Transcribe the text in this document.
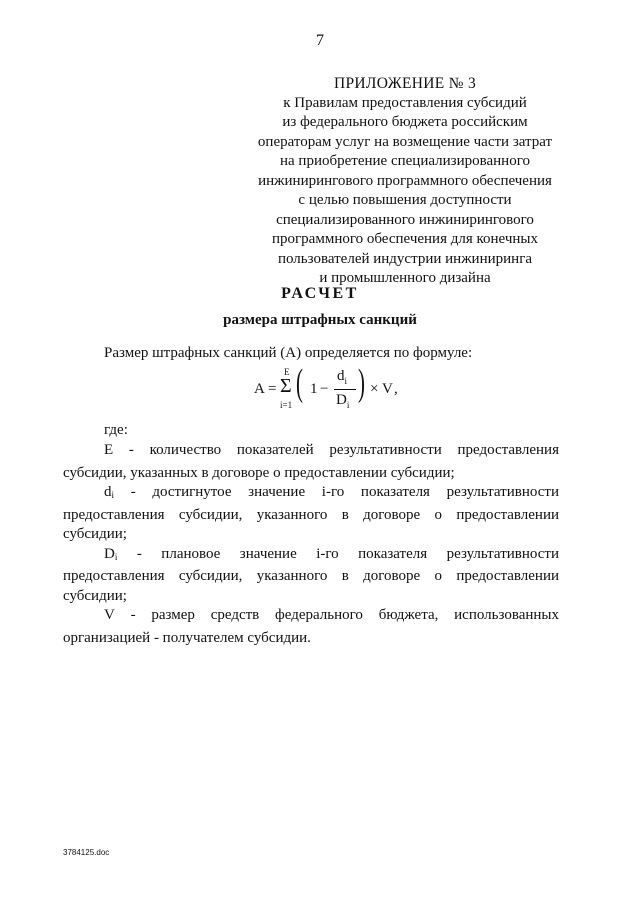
7
ПРИЛОЖЕНИЕ № 3
к Правилам предоставления субсидий
из федерального бюджета российским
операторам услуг на возмещение части затрат
на приобретение специализированного
инжинирингового программного обеспечения
с целью повышения доступности
специализированного инжинирингового
программного обеспечения для конечных
пользователей индустрии инжиниринга
и промышленного дизайна
РАСЧЕТ
размера штрафных санкций
Размер штрафных санкций (А) определяется по формуле:
А =
E
Σ
i=1
( 1 −
$d_i$
$D_i$
) × V ,
где:

E - количество показателей результативности предоставления субсидии, указанных в договоре о предоставлении субсидии;

$d_i$ - достигнутое значение i-го показателя результативности предоставления субсидии, указанного в договоре о предоставлении субсидии;

$D_i$ - плановое значение i-го показателя результативности предоставления субсидии, указанного в договоре о предоставлении субсидии;

V - размер средств федерального бюджета, использованных организацией - получателем субсидии.

3784125.doc
